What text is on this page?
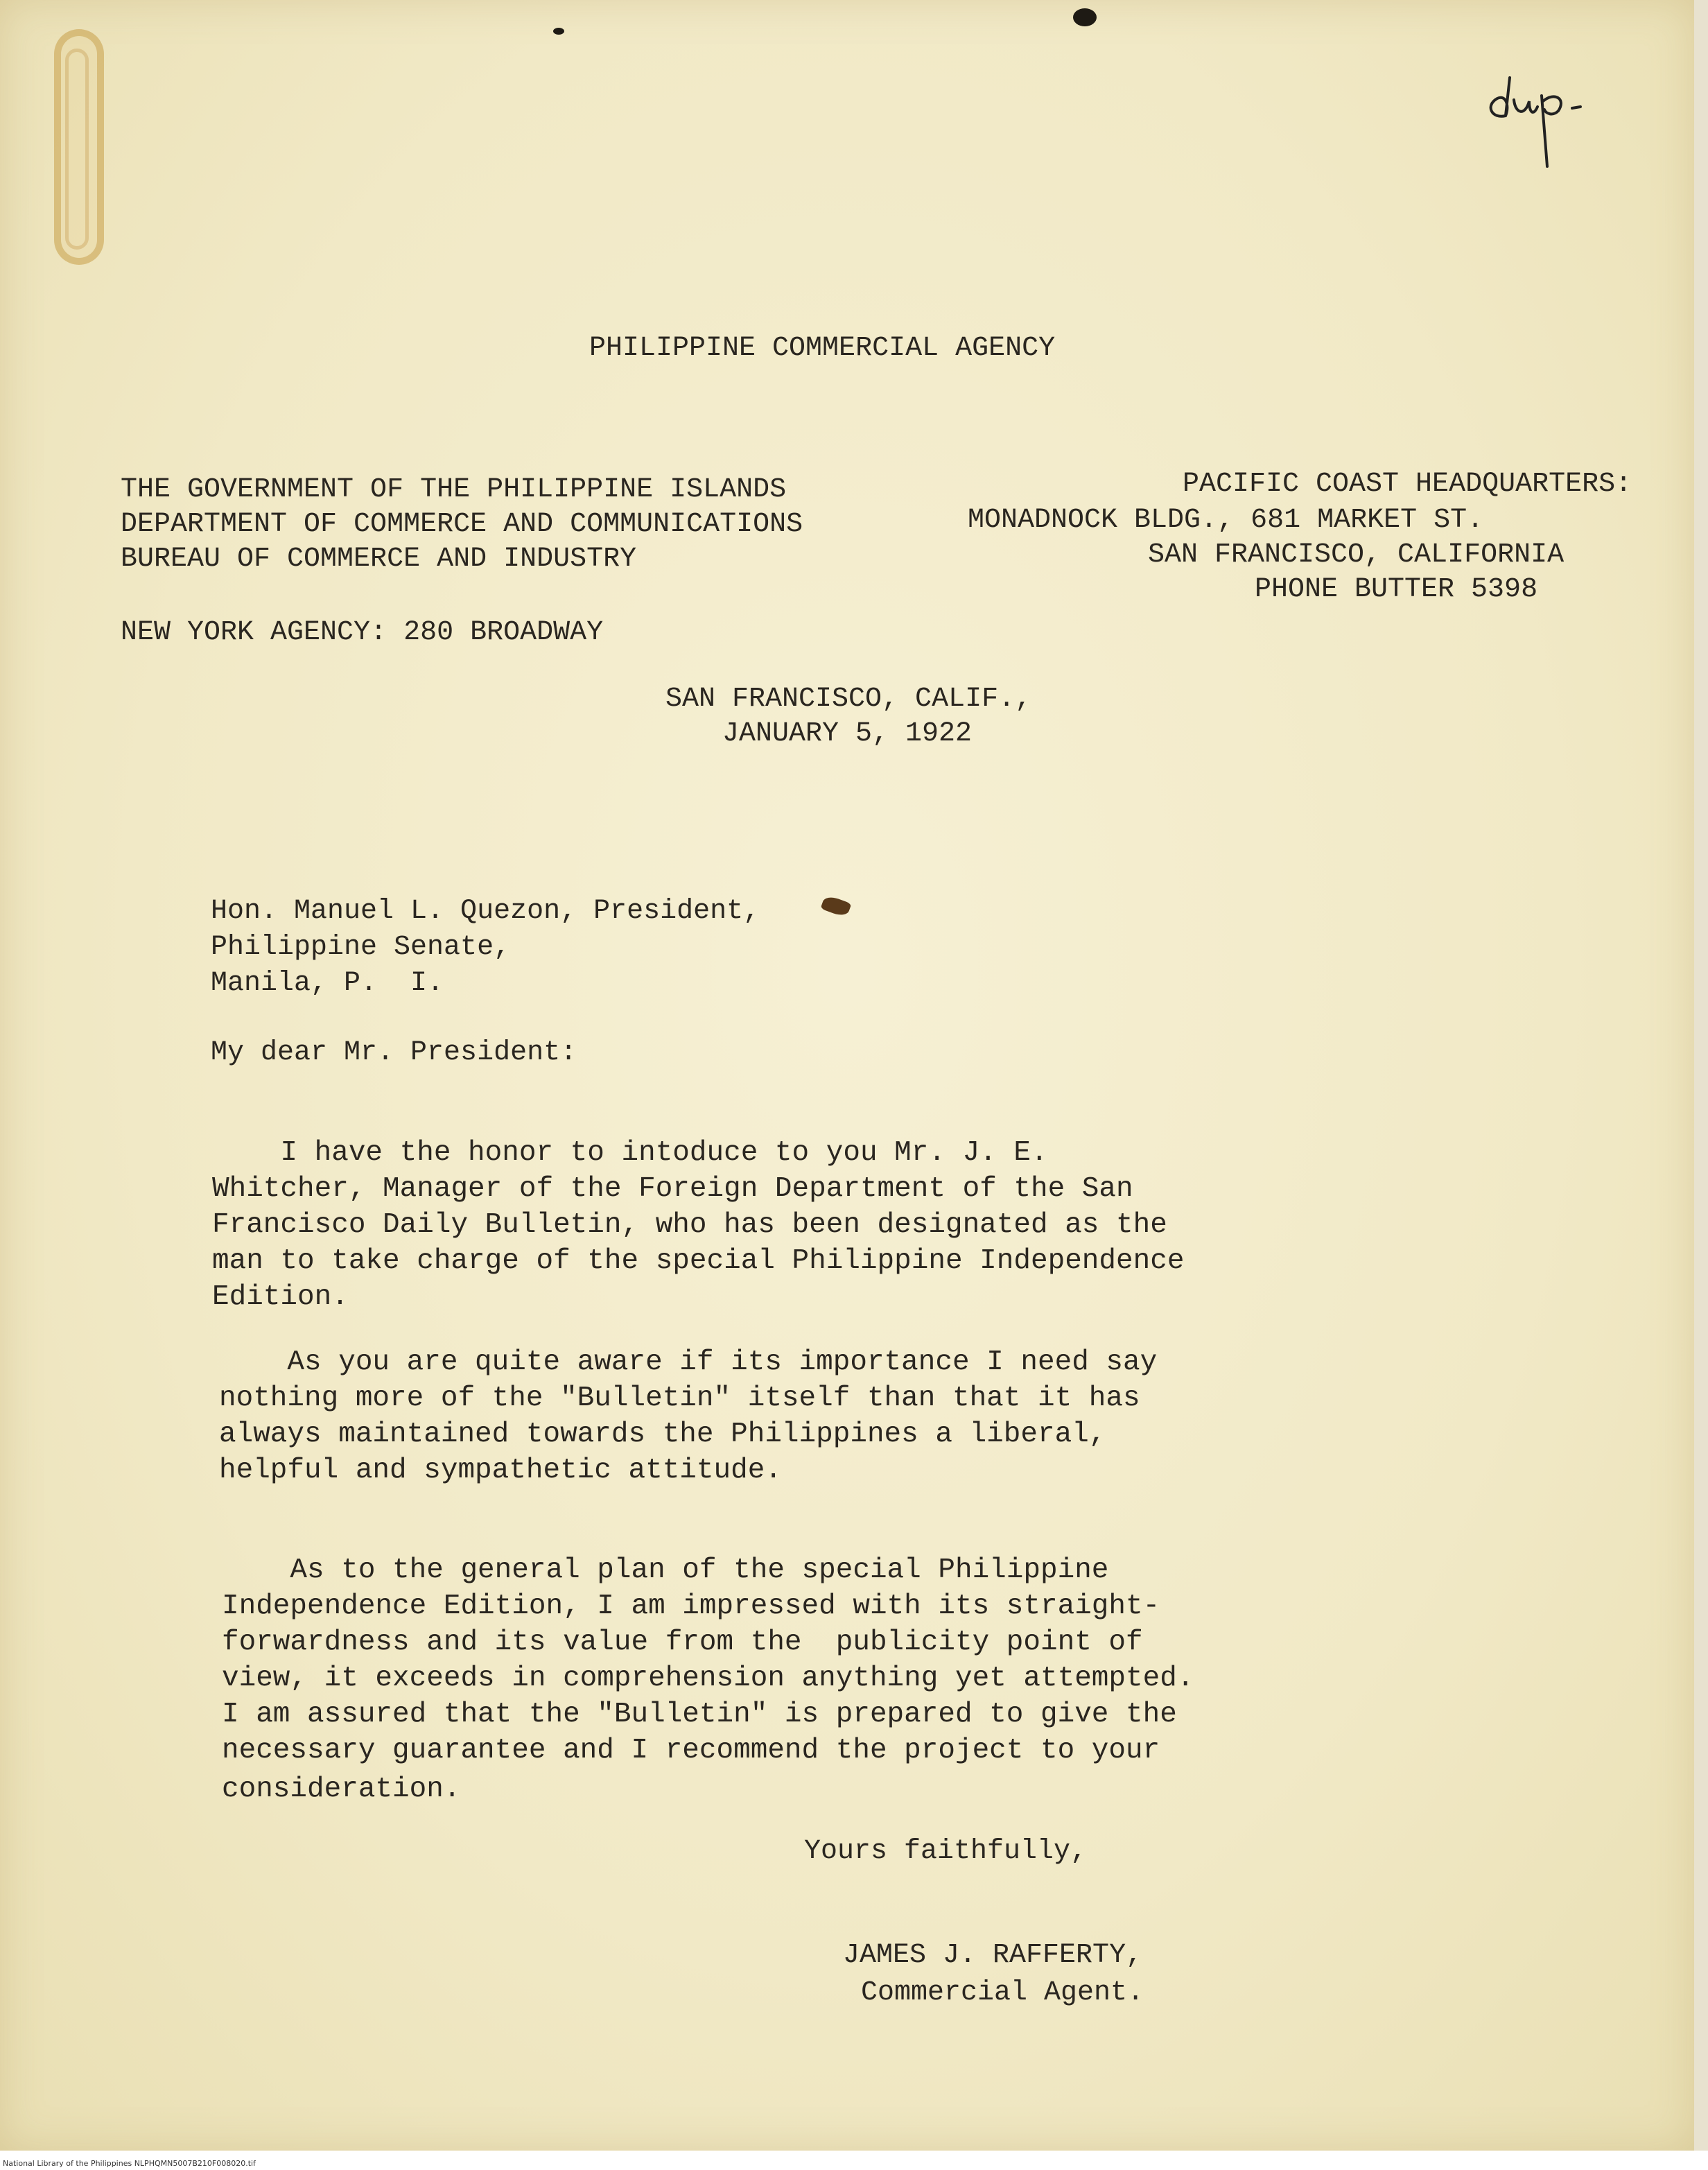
PHILIPPINE COMMERCIAL AGENCY
THE GOVERNMENT OF THE PHILIPPINE ISLANDS
DEPARTMENT OF COMMERCE AND COMMUNICATIONS
BUREAU OF COMMERCE AND INDUSTRY
NEW YORK AGENCY: 280 BROADWAY
PACIFIC COAST HEADQUARTERS:
MONADNOCK BLDG., 681 MARKET ST.
SAN FRANCISCO, CALIFORNIA
PHONE BUTTER 5398
SAN FRANCISCO, CALIF.,
JANUARY 5, 1922
Hon. Manuel L. Quezon, President,
Philippine Senate,
Manila, P.  I.
My dear Mr. President:
I have the honor to intoduce to you Mr. J. E.
Whitcher, Manager of the Foreign Department of the San
Francisco Daily Bulletin, who has been designated as the
man to take charge of the special Philippine Independence
Edition.
As you are quite aware if its importance I need say
nothing more of the "Bulletin" itself than that it has
always maintained towards the Philippines a liberal,
helpful and sympathetic attitude.
As to the general plan of the special Philippine
Independence Edition, I am impressed with its straight-
forwardness and its value from the  publicity point of
view, it exceeds in comprehension anything yet attempted.
I am assured that the "Bulletin" is prepared to give the
necessary guarantee and I recommend the project to your
consideration.
Yours faithfully,
JAMES J. RAFFERTY,
Commercial Agent.
National Library of the Philippines NLPHQMN5007B210F008020.tif
